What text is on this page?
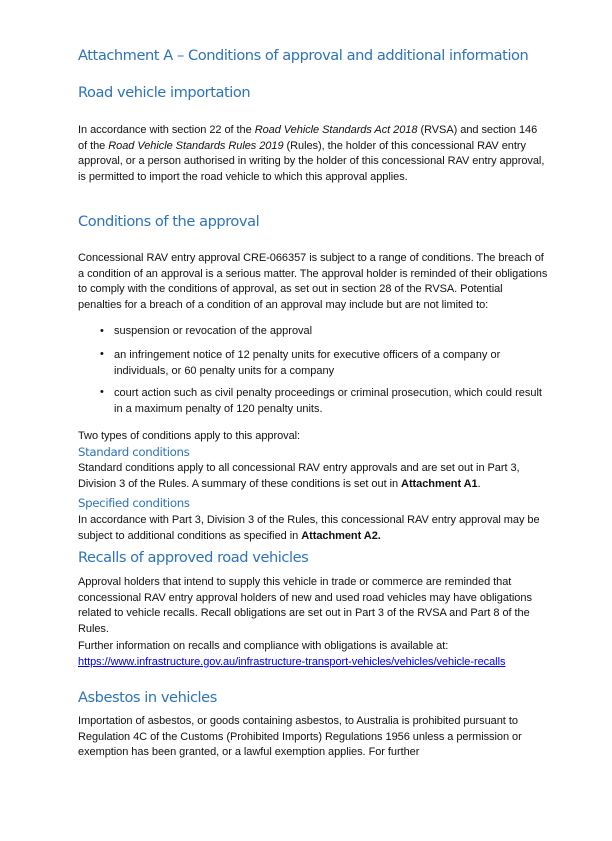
Attachment A – Conditions of approval and additional information
Road vehicle importation

In accordance with section 22 of the Road Vehicle Standards Act 2018 (RVSA) and section 146 of the Road Vehicle Standards Rules 2019 (Rules), the holder of this concessional RAV entry approval, or a person authorised in writing by the holder of this concessional RAV entry approval, is permitted to import the road vehicle to which this approval applies.

Conditions of the approval

Concessional RAV entry approval CRE-066357 is subject to a range of conditions. The breach of a condition of an approval is a serious matter. The approval holder is reminded of their obligations to comply with the conditions of approval, as set out in section 28 of the RVSA. Potential penalties for a breach of a condition of an approval may include but are not limited to:

• suspension or revocation of the approval
• an infringement notice of 12 penalty units for executive officers of a company or individuals, or 60 penalty units for a company
• court action such as civil penalty proceedings or criminal prosecution, which could result in a maximum penalty of 120 penalty units.

Two types of conditions apply to this approval:

Standard conditions

Standard conditions apply to all concessional RAV entry approvals and are set out in Part 3, Division 3 of the Rules. A summary of these conditions is set out in Attachment A1.

Specified conditions

In accordance with Part 3, Division 3 of the Rules, this concessional RAV entry approval may be subject to additional conditions as specified in Attachment A2.

Recalls of approved road vehicles

Approval holders that intend to supply this vehicle in trade or commerce are reminded that concessional RAV entry approval holders of new and used road vehicles may have obligations related to vehicle recalls. Recall obligations are set out in Part 3 of the RVSA and Part 8 of the Rules.

Further information on recalls and compliance with obligations is available at:
https://www.infrastructure.gov.au/infrastructure-transport-vehicles/vehicles/vehicle-recalls

Asbestos in vehicles

Importation of asbestos, or goods containing asbestos, to Australia is prohibited pursuant to Regulation 4C of the Customs (Prohibited Imports) Regulations 1956 unless a permission or exemption has been granted, or a lawful exemption applies. For further
